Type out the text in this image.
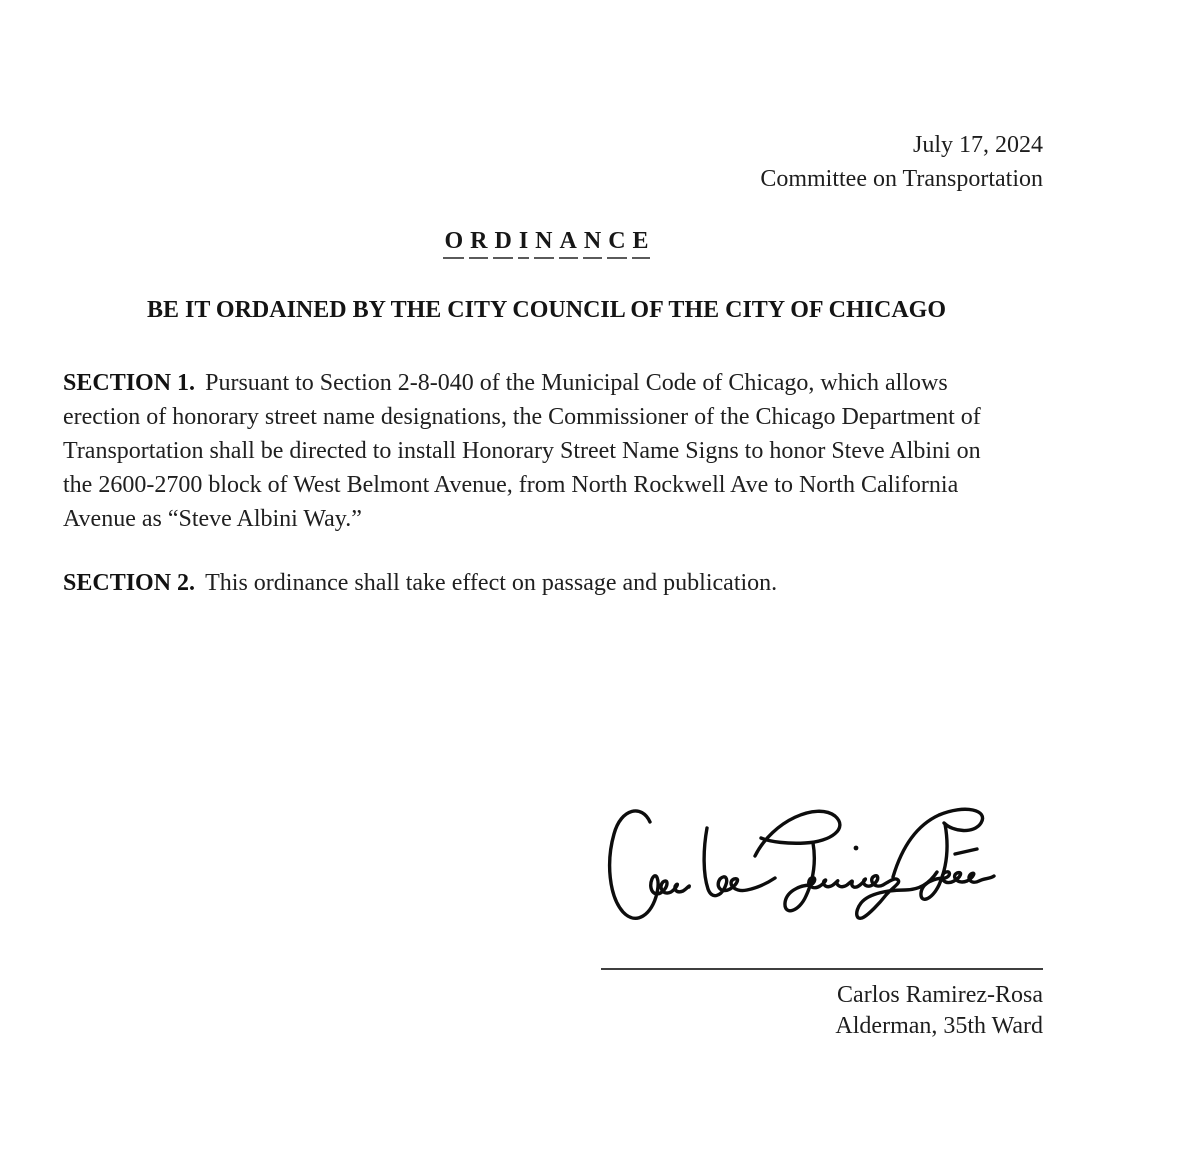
July 17, 2024
Committee on Transportation
O R D I N A N C E
BE IT ORDAINED BY THE CITY COUNCIL OF THE CITY OF CHICAGO
SECTION 1. Pursuant to Section 2-8-040 of the Municipal Code of Chicago, which allows
erection of honorary street name designations, the Commissioner of the Chicago Department of
Transportation shall be directed to install Honorary Street Name Signs to honor Steve Albini on
the 2600-2700 block of West Belmont Avenue, from North Rockwell Ave to North California
Avenue as “Steve Albini Way.”
SECTION 2. This ordinance shall take effect on passage and publication.
Carlos Ramirez-Rosa
Alderman, 35th Ward
